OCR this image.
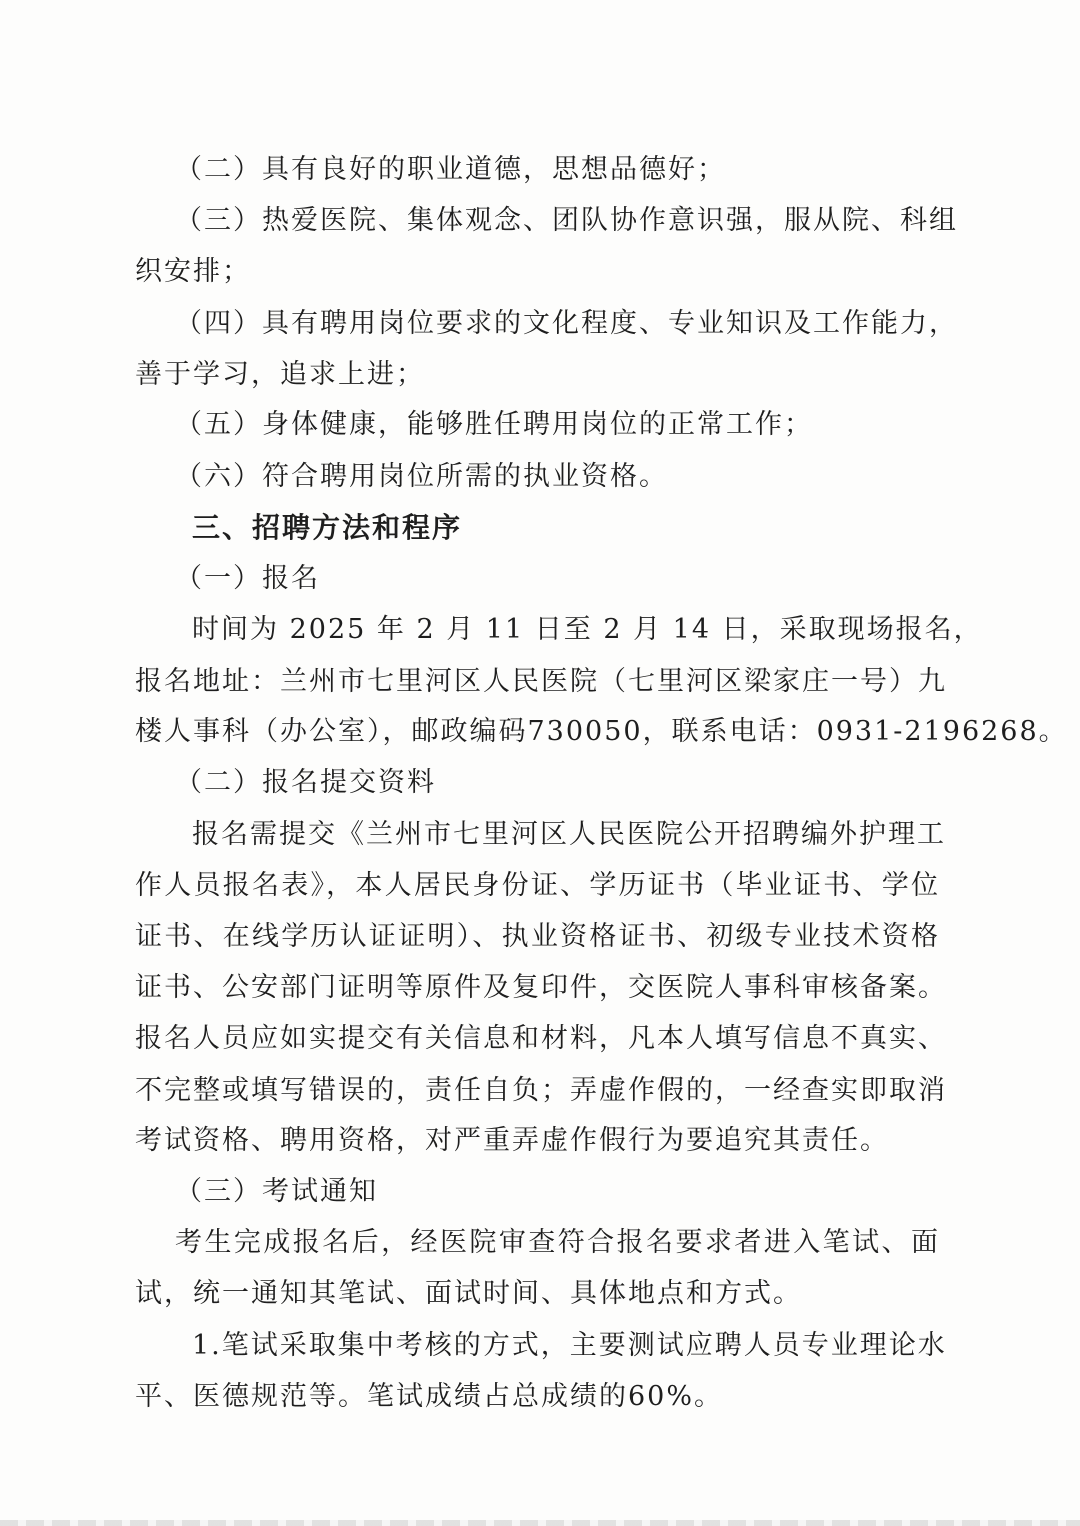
（二）具有良好的职业道德，思想品德好；
（三）热爱医院、集体观念、团队协作意识强，服从院、科组
织安排；
（四）具有聘用岗位要求的文化程度、专业知识及工作能力，
善于学习，追求上进；
（五）身体健康，能够胜任聘用岗位的正常工作；
（六）符合聘用岗位所需的执业资格。
三、招聘方法和程序
（一）报名
时间为 2025 年 2 月 11 日至 2 月 14 日，采取现场报名，
报名地址：兰州市七里河区人民医院（七里河区梁家庄一号）九
楼人事科（办公室），邮政编码730050，联系电话：0931-2196268。
（二）报名提交资料
报名需提交《兰州市七里河区人民医院公开招聘编外护理工
作人员报名表》，本人居民身份证、学历证书（毕业证书、学位
证书、在线学历认证证明）、执业资格证书、初级专业技术资格
证书、公安部门证明等原件及复印件，交医院人事科审核备案。
报名人员应如实提交有关信息和材料，凡本人填写信息不真实、
不完整或填写错误的，责任自负；弄虚作假的，一经查实即取消
考试资格、聘用资格，对严重弄虚作假行为要追究其责任。
（三）考试通知
考生完成报名后，经医院审查符合报名要求者进入笔试、面
试，统一通知其笔试、面试时间、具体地点和方式。
1.笔试采取集中考核的方式，主要测试应聘人员专业理论水
平、医德规范等。笔试成绩占总成绩的60%。
